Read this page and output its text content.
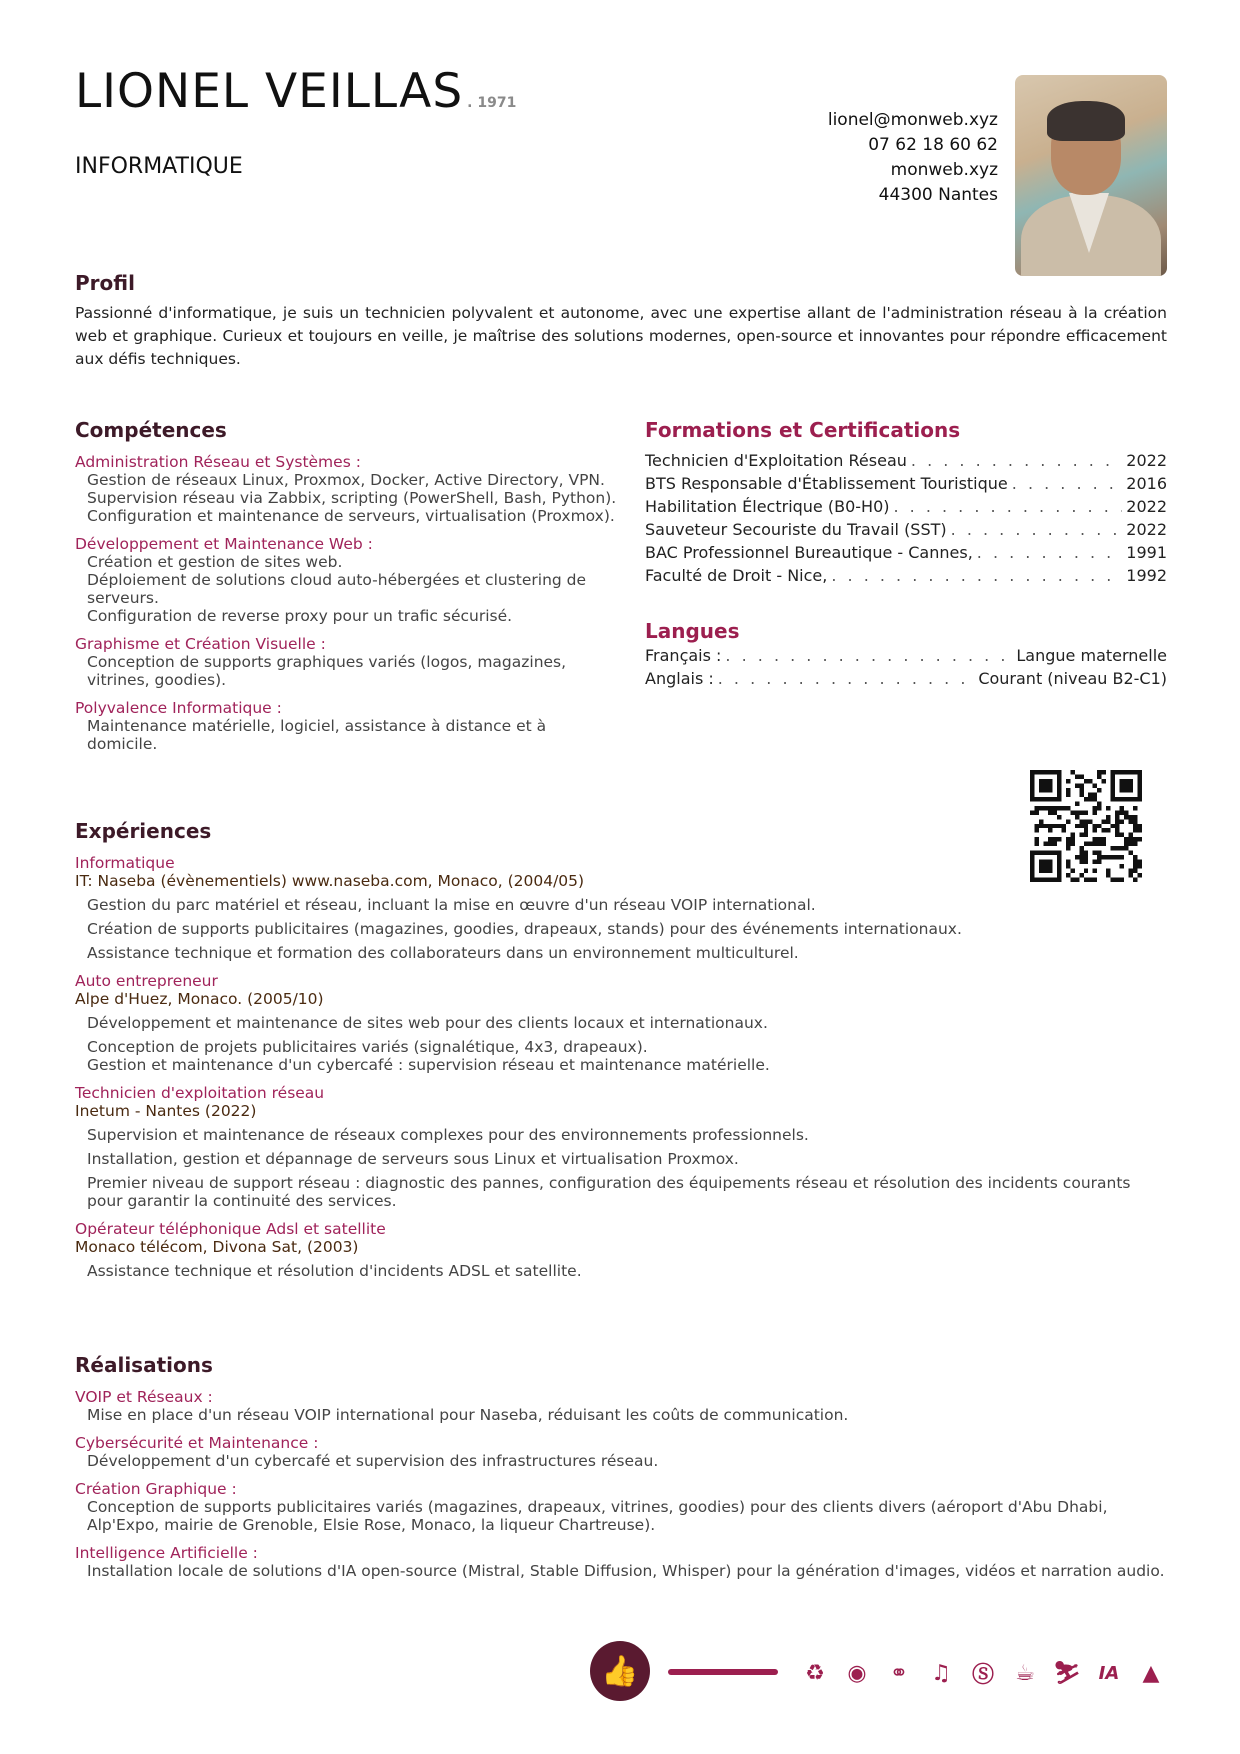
LIONEL VEILLAS . 1971
INFORMATIQUE
lionel@monweb.xyz
07 62 18 60 62
monweb.xyz
44300 Nantes
Profil
Passionné d'informatique, je suis un technicien polyvalent et autonome, avec une expertise allant de l'administration réseau à la création web et graphique. Curieux et toujours en veille, je maîtrise des solutions modernes, open-source et innovantes pour répondre efficacement aux défis techniques.
Compétences
Administration Réseau et Systèmes :
Gestion de réseaux Linux, Proxmox, Docker, Active Directory, VPN.
Supervision réseau via Zabbix, scripting (PowerShell, Bash, Python).
Configuration et maintenance de serveurs, virtualisation (Proxmox).
Développement et Maintenance Web :
Création et gestion de sites web.
Déploiement de solutions cloud auto-hébergées et clustering de serveurs.
Configuration de reverse proxy pour un trafic sécurisé.
Graphisme et Création Visuelle :
Conception de supports graphiques variés (logos, magazines, vitrines, goodies).
Polyvalence Informatique :
Maintenance matérielle, logiciel, assistance à distance et à domicile.
Formations et Certifications
Technicien d'Exploitation Réseau . . .	2022
BTS Responsable d'Établissement Touristique . . .	2016
Habilitation Électrique (B0-H0) . . .	2022
Sauveteur Secouriste du Travail (SST) . . .	2022
BAC Professionnel Bureautique - Cannes, . . .	1991
Faculté de Droit - Nice, . . .	1992
Langues
Français : . . .	Langue maternelle
Anglais : . . .	Courant (niveau B2-C1)
Expériences
Informatique
IT: Naseba (évènementiels) www.naseba.com, Monaco, (2004/05)
Gestion du parc matériel et réseau, incluant la mise en œuvre d'un réseau VOIP international.
Création de supports publicitaires (magazines, goodies, drapeaux, stands) pour des événements internationaux.
Assistance technique et formation des collaborateurs dans un environnement multiculturel.
Auto entrepreneur
Alpe d'Huez, Monaco. (2005/10)
Développement et maintenance de sites web pour des clients locaux et internationaux.
Conception de projets publicitaires variés (signalétique, 4x3, drapeaux).
Gestion et maintenance d'un cybercafé : supervision réseau et maintenance matérielle.
Technicien d'exploitation réseau
Inetum - Nantes (2022)
Supervision et maintenance de réseaux complexes pour des environnements professionnels.
Installation, gestion et dépannage de serveurs sous Linux et virtualisation Proxmox.
Premier niveau de support réseau : diagnostic des pannes, configuration des équipements réseau et résolution des incidents courants pour garantir la continuité des services.
Opérateur téléphonique Adsl et satellite
Monaco télécom, Divona Sat, (2003)
Assistance technique et résolution d'incidents ADSL et satellite.
Réalisations
VOIP et Réseaux :
Mise en place d'un réseau VOIP international pour Naseba, réduisant les coûts de communication.
Cybersécurité et Maintenance :
Développement d'un cybercafé et supervision des infrastructures réseau.
Création Graphique :
Conception de supports publicitaires variés (magazines, drapeaux, vitrines, goodies) pour des clients divers (aéroport d'Abu Dhabi, Alp'Expo, mairie de Grenoble, Elsie Rose, Monaco, la liqueur Chartreuse).
Intelligence Artificielle :
Installation locale de solutions d'IA open-source (Mistral, Stable Diffusion, Whisper) pour la génération d'images, vidéos et narration audio.
👍	♻ ◉ ⚭ ♫ Ⓢ ☕ ⛷ IA ▲
